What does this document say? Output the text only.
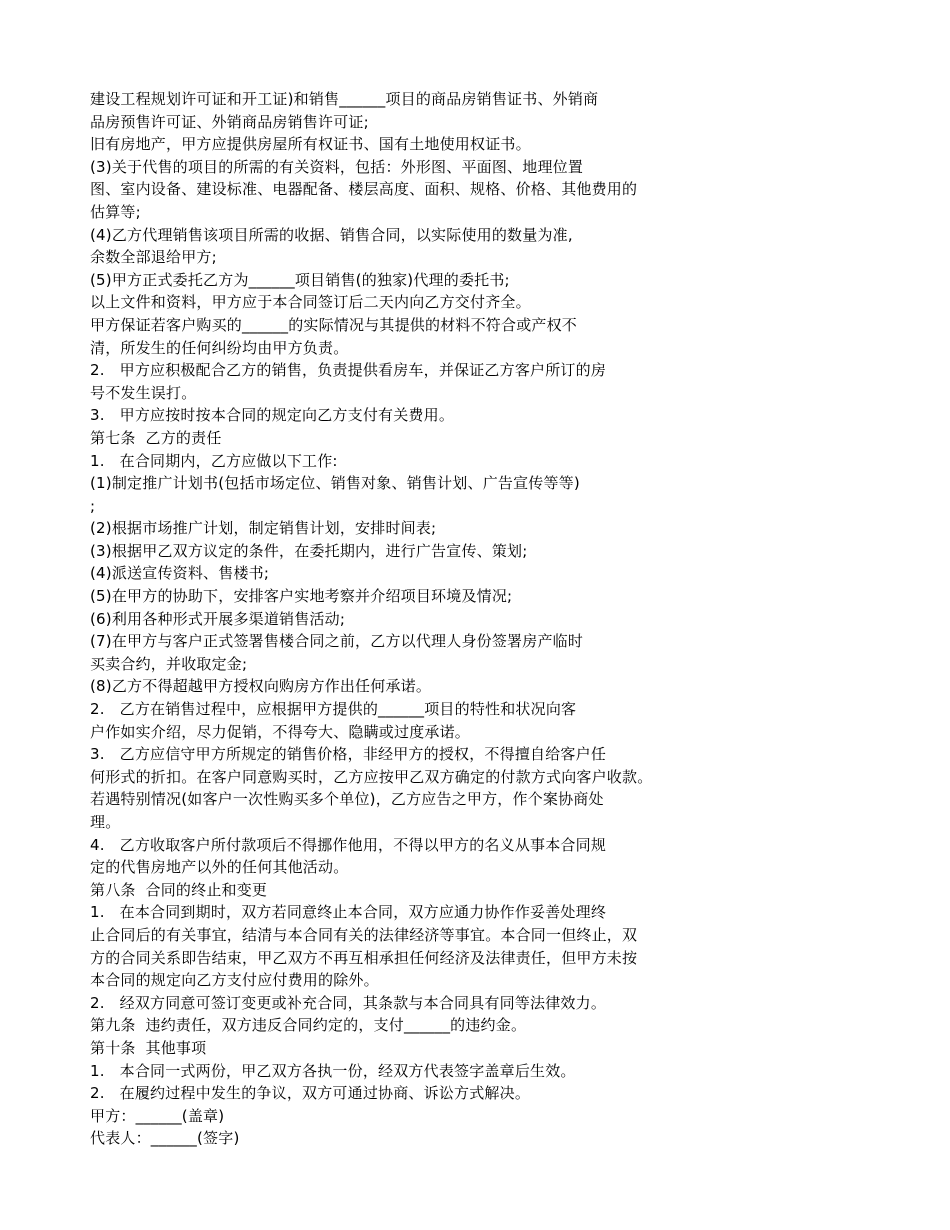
建设工程规划许可证和开工证)和销售______项目的商品房销售证书、外销商
品房预售许可证、外销商品房销售许可证;
旧有房地产，甲方应提供房屋所有权证书、国有土地使用权证书。
(3)关于代售的项目的所需的有关资料，包括：外形图、平面图、地理位置
图、室内设备、建设标准、电器配备、楼层高度、面积、规格、价格、其他费用的
估算等;
(4)乙方代理销售该项目所需的收据、销售合同，以实际使用的数量为准,
余数全部退给甲方;
(5)甲方正式委托乙方为______项目销售(的独家)代理的委托书;
以上文件和资料，甲方应于本合同签订后二天内向乙方交付齐全。
甲方保证若客户购买的______的实际情况与其提供的材料不符合或产权不
清，所发生的任何纠纷均由甲方负责。
2.   甲方应积极配合乙方的销售，负责提供看房车，并保证乙方客户所订的房
号不发生误打。
3.   甲方应按时按本合同的规定向乙方支付有关费用。
第七条  乙方的责任
1.   在合同期内，乙方应做以下工作:
(1)制定推广计划书(包括市场定位、销售对象、销售计划、广告宣传等等)
;
(2)根据市场推广计划，制定销售计划，安排时间表;
(3)根据甲乙双方议定的条件，在委托期内，进行广告宣传、策划;
(4)派送宣传资料、售楼书;
(5)在甲方的协助下，安排客户实地考察并介绍项目环境及情况;
(6)利用各种形式开展多渠道销售活动;
(7)在甲方与客户正式签署售楼合同之前，乙方以代理人身份签署房产临时
买卖合约，并收取定金;
(8)乙方不得超越甲方授权向购房方作出任何承诺。
2.   乙方在销售过程中，应根据甲方提供的______项目的特性和状况向客
户作如实介绍，尽力促销，不得夸大、隐瞒或过度承诺。
3.   乙方应信守甲方所规定的销售价格，非经甲方的授权，不得擅自给客户任
何形式的折扣。在客户同意购买时，乙方应按甲乙双方确定的付款方式向客户收款。
若遇特别情况(如客户一次性购买多个单位)，乙方应告之甲方，作个案协商处
理。
4.   乙方收取客户所付款项后不得挪作他用，不得以甲方的名义从事本合同规
定的代售房地产以外的任何其他活动。
第八条  合同的终止和变更
1.   在本合同到期时，双方若同意终止本合同，双方应通力协作作妥善处理终
止合同后的有关事宜，结清与本合同有关的法律经济等事宜。本合同一但终止，双
方的合同关系即告结束，甲乙双方不再互相承担任何经济及法律责任，但甲方未按
本合同的规定向乙方支付应付费用的除外。
2.   经双方同意可签订变更或补充合同，其条款与本合同具有同等法律效力。
第九条  违约责任，双方违反合同约定的，支付______的违约金。
第十条  其他事项
1.   本合同一式两份，甲乙双方各执一份，经双方代表签字盖章后生效。
2.   在履约过程中发生的争议，双方可通过协商、诉讼方式解决。
甲方：______(盖章)
代表人：______(签字)
